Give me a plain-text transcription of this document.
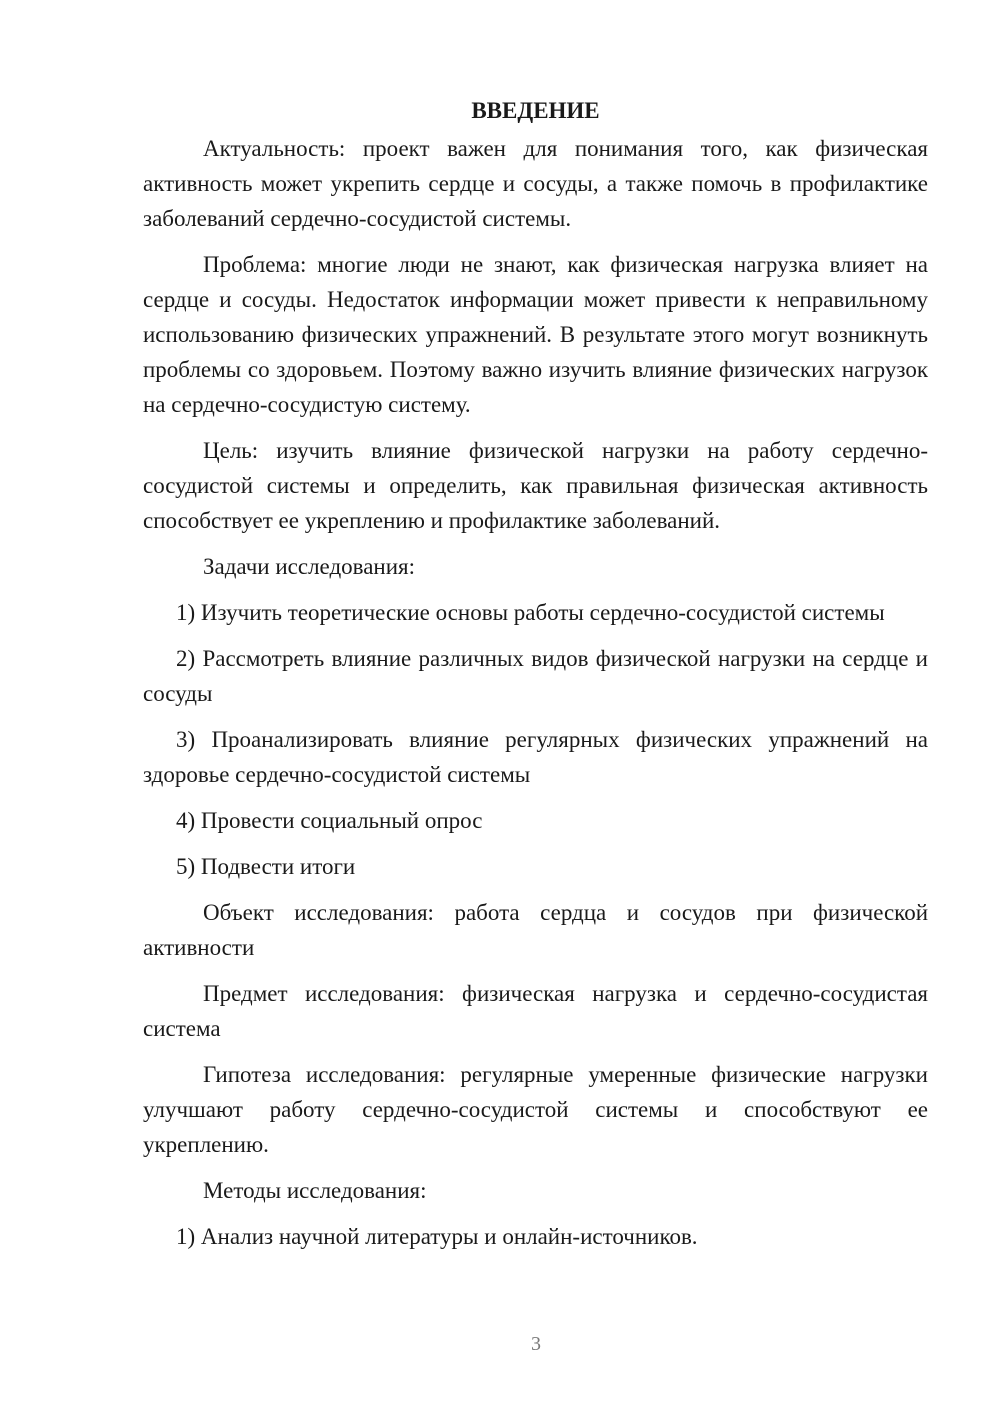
ВВЕДЕНИЕ

Актуальность: проект важен для понимания того, как физическая активность может укрепить сердце и сосуды, а также помочь в профилактике заболеваний сердечно-сосудистой системы.

Проблема: многие люди не знают, как физическая нагрузка влияет на сердце и сосуды. Недостаток информации может привести к неправильному использованию физических упражнений. В результате этого могут возникнуть проблемы со здоровьем. Поэтому важно изучить влияние физических нагрузок на сердечно-сосудистую систему.

Цель: изучить влияние физической нагрузки на работу сердечно-сосудистой системы и определить, как правильная физическая активность способствует ее укреплению и профилактике заболеваний.

Задачи исследования:

1) Изучить теоретические основы работы сердечно-сосудистой системы

2) Рассмотреть влияние различных видов физической нагрузки на сердце и сосуды

3) Проанализировать влияние регулярных физических упражнений на здоровье сердечно-сосудистой системы

4) Провести социальный опрос

5) Подвести итоги

Объект исследования: работа сердца и сосудов при физической активности

Предмет исследования: физическая нагрузка и сердечно-сосудистая система

Гипотеза исследования: регулярные умеренные физические нагрузки улучшают работу сердечно-сосудистой системы и способствуют ее укреплению.

Методы исследования:

1) Анализ научной литературы и онлайн-источников.

3
